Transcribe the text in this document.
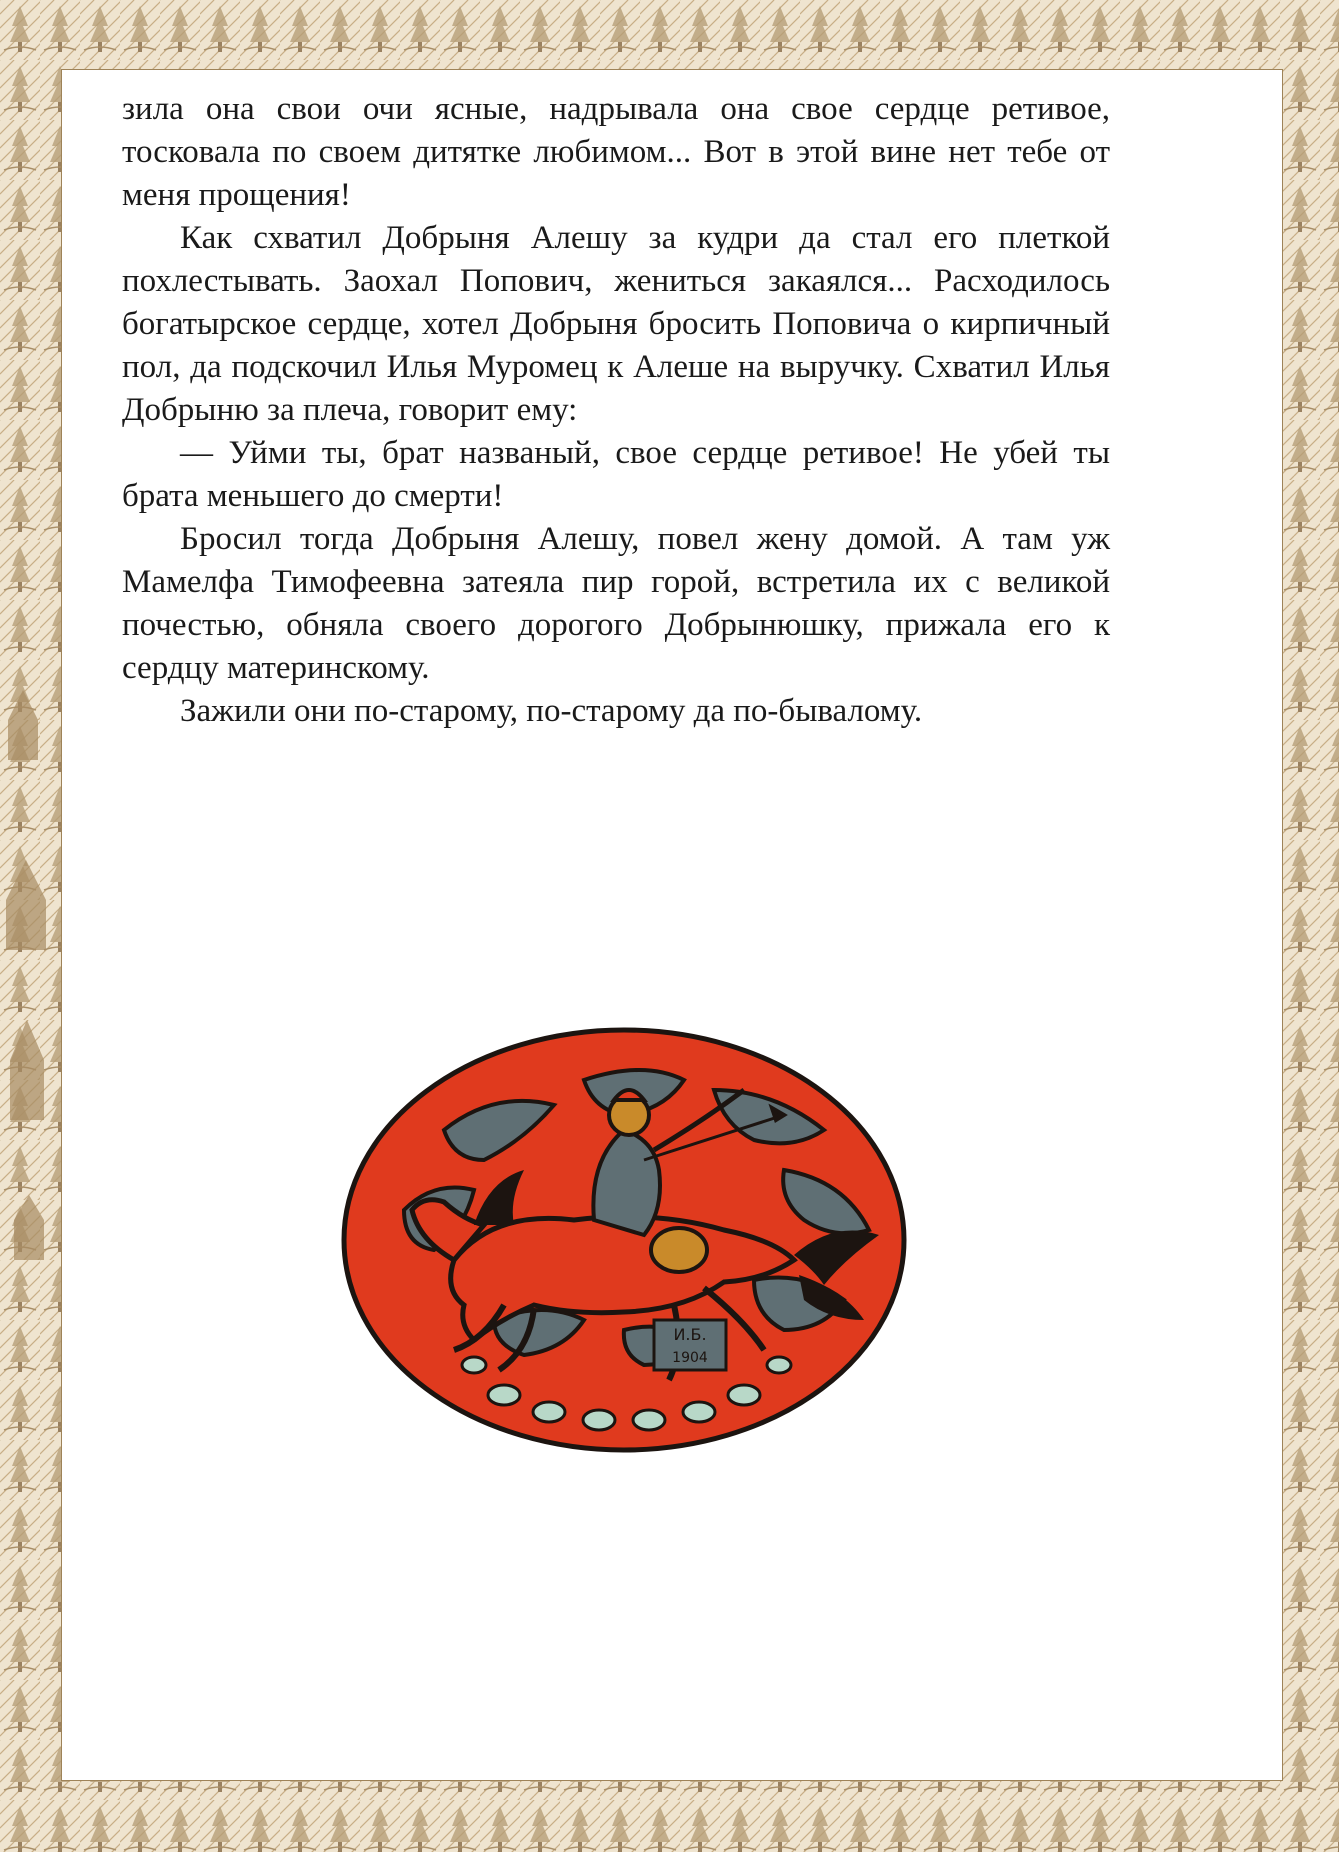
зила она свои очи ясные, надрывала она свое сердце ретивое, тосковала по своем дитятке любимом... Вот в этой вине нет тебе от меня прощения!

Как схватил Добрыня Алешу за кудри да стал его плеткой похлестывать. Заохал Попович, жениться закаялся... Расходилось богатырское сердце, хотел Добрыня бросить Поповича о кирпичный пол, да подскочил Илья Муромец к Алеше на выручку. Схватил Илья Добрыню за плеча, говорит ему:

— Уйми ты, брат названый, свое сердце ретивое! Не убей ты брата меньшего до смерти!

Бросил тогда Добрыня Алешу, повел жену домой. А там уж Мамелфа Тимофеевна затеяла пир горой, встретила их с великой почестью, обняла своего дорогого Добрынюшку, прижала его к сердцу материнскому.

Зажили они по-старому, по-старому да по-бывалому.

И.Б.
1904
